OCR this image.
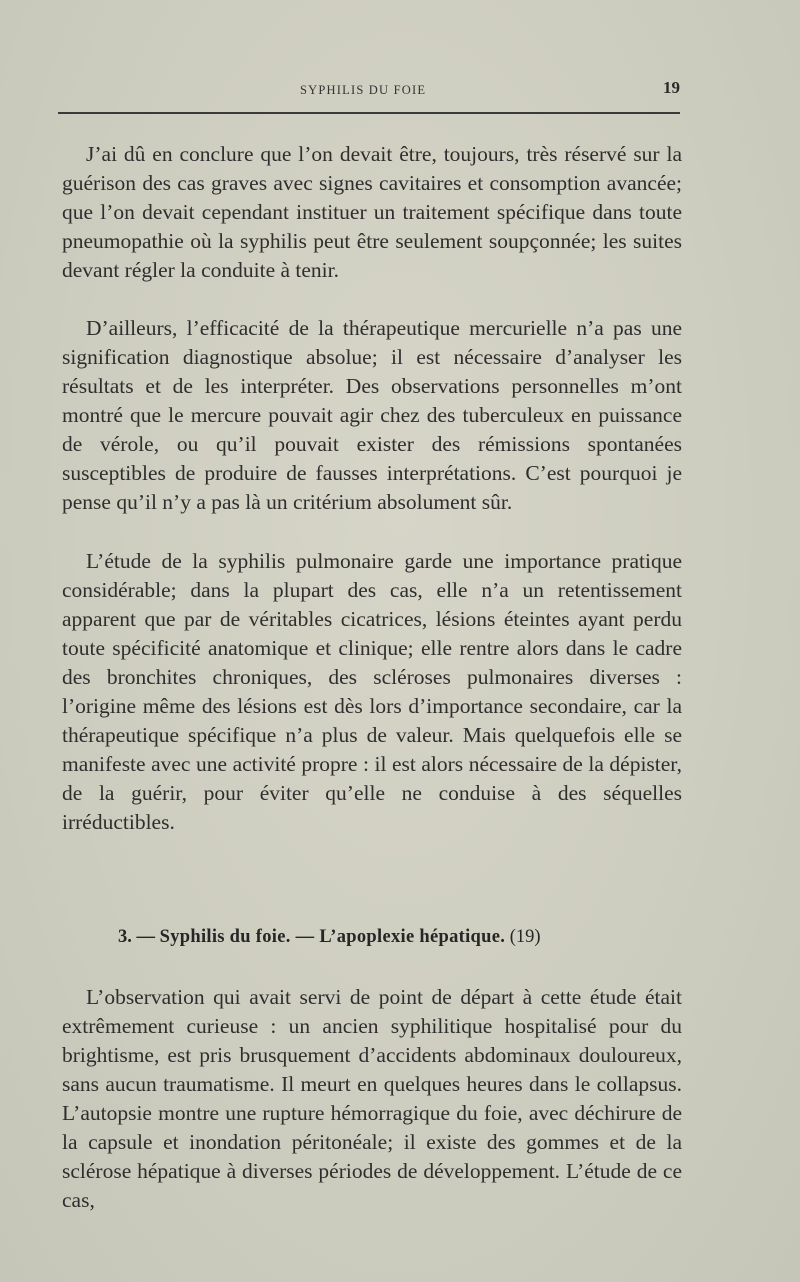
SYPHILIS DU FOIE	19

J’ai dû en conclure que l’on devait être, toujours, très réservé sur la guérison des cas graves avec signes cavitaires et consomption avancée; que l’on devait cependant instituer un traitement spécifique dans toute pneumopathie où la syphilis peut être seulement soupçonnée; les suites devant régler la conduite à tenir.

D’ailleurs, l’efficacité de la thérapeutique mercurielle n’a pas une signification diagnostique absolue; il est nécessaire d’analyser les résultats et de les interpréter. Des observations personnelles m’ont montré que le mercure pouvait agir chez des tuberculeux en puissance de vérole, ou qu’il pouvait exister des rémissions spontanées susceptibles de produire de fausses interprétations. C’est pourquoi je pense qu’il n’y a pas là un critérium absolument sûr.

L’étude de la syphilis pulmonaire garde une importance pratique considérable; dans la plupart des cas, elle n’a un retentissement apparent que par de véritables cicatrices, lésions éteintes ayant perdu toute spécificité anatomique et clinique; elle rentre alors dans le cadre des bronchites chroniques, des scléroses pulmonaires diverses : l’origine même des lésions est dès lors d’importance secondaire, car la thérapeutique spécifique n’a plus de valeur. Mais quelquefois elle se manifeste avec une activité propre : il est alors nécessaire de la dépister, de la guérir, pour éviter qu’elle ne conduise à des séquelles irréductibles.

3. — Syphilis du foie. — L’apoplexie hépatique. (19)

L’observation qui avait servi de point de départ à cette étude était extrêmement curieuse : un ancien syphilitique hospitalisé pour du brightisme, est pris brusquement d’accidents abdominaux douloureux, sans aucun traumatisme. Il meurt en quelques heures dans le collapsus. L’autopsie montre une rupture hémorragique du foie, avec déchirure de la capsule et inondation péritonéale; il existe des gommes et de la sclérose hépatique à diverses périodes de développement. L’étude de ce cas,
